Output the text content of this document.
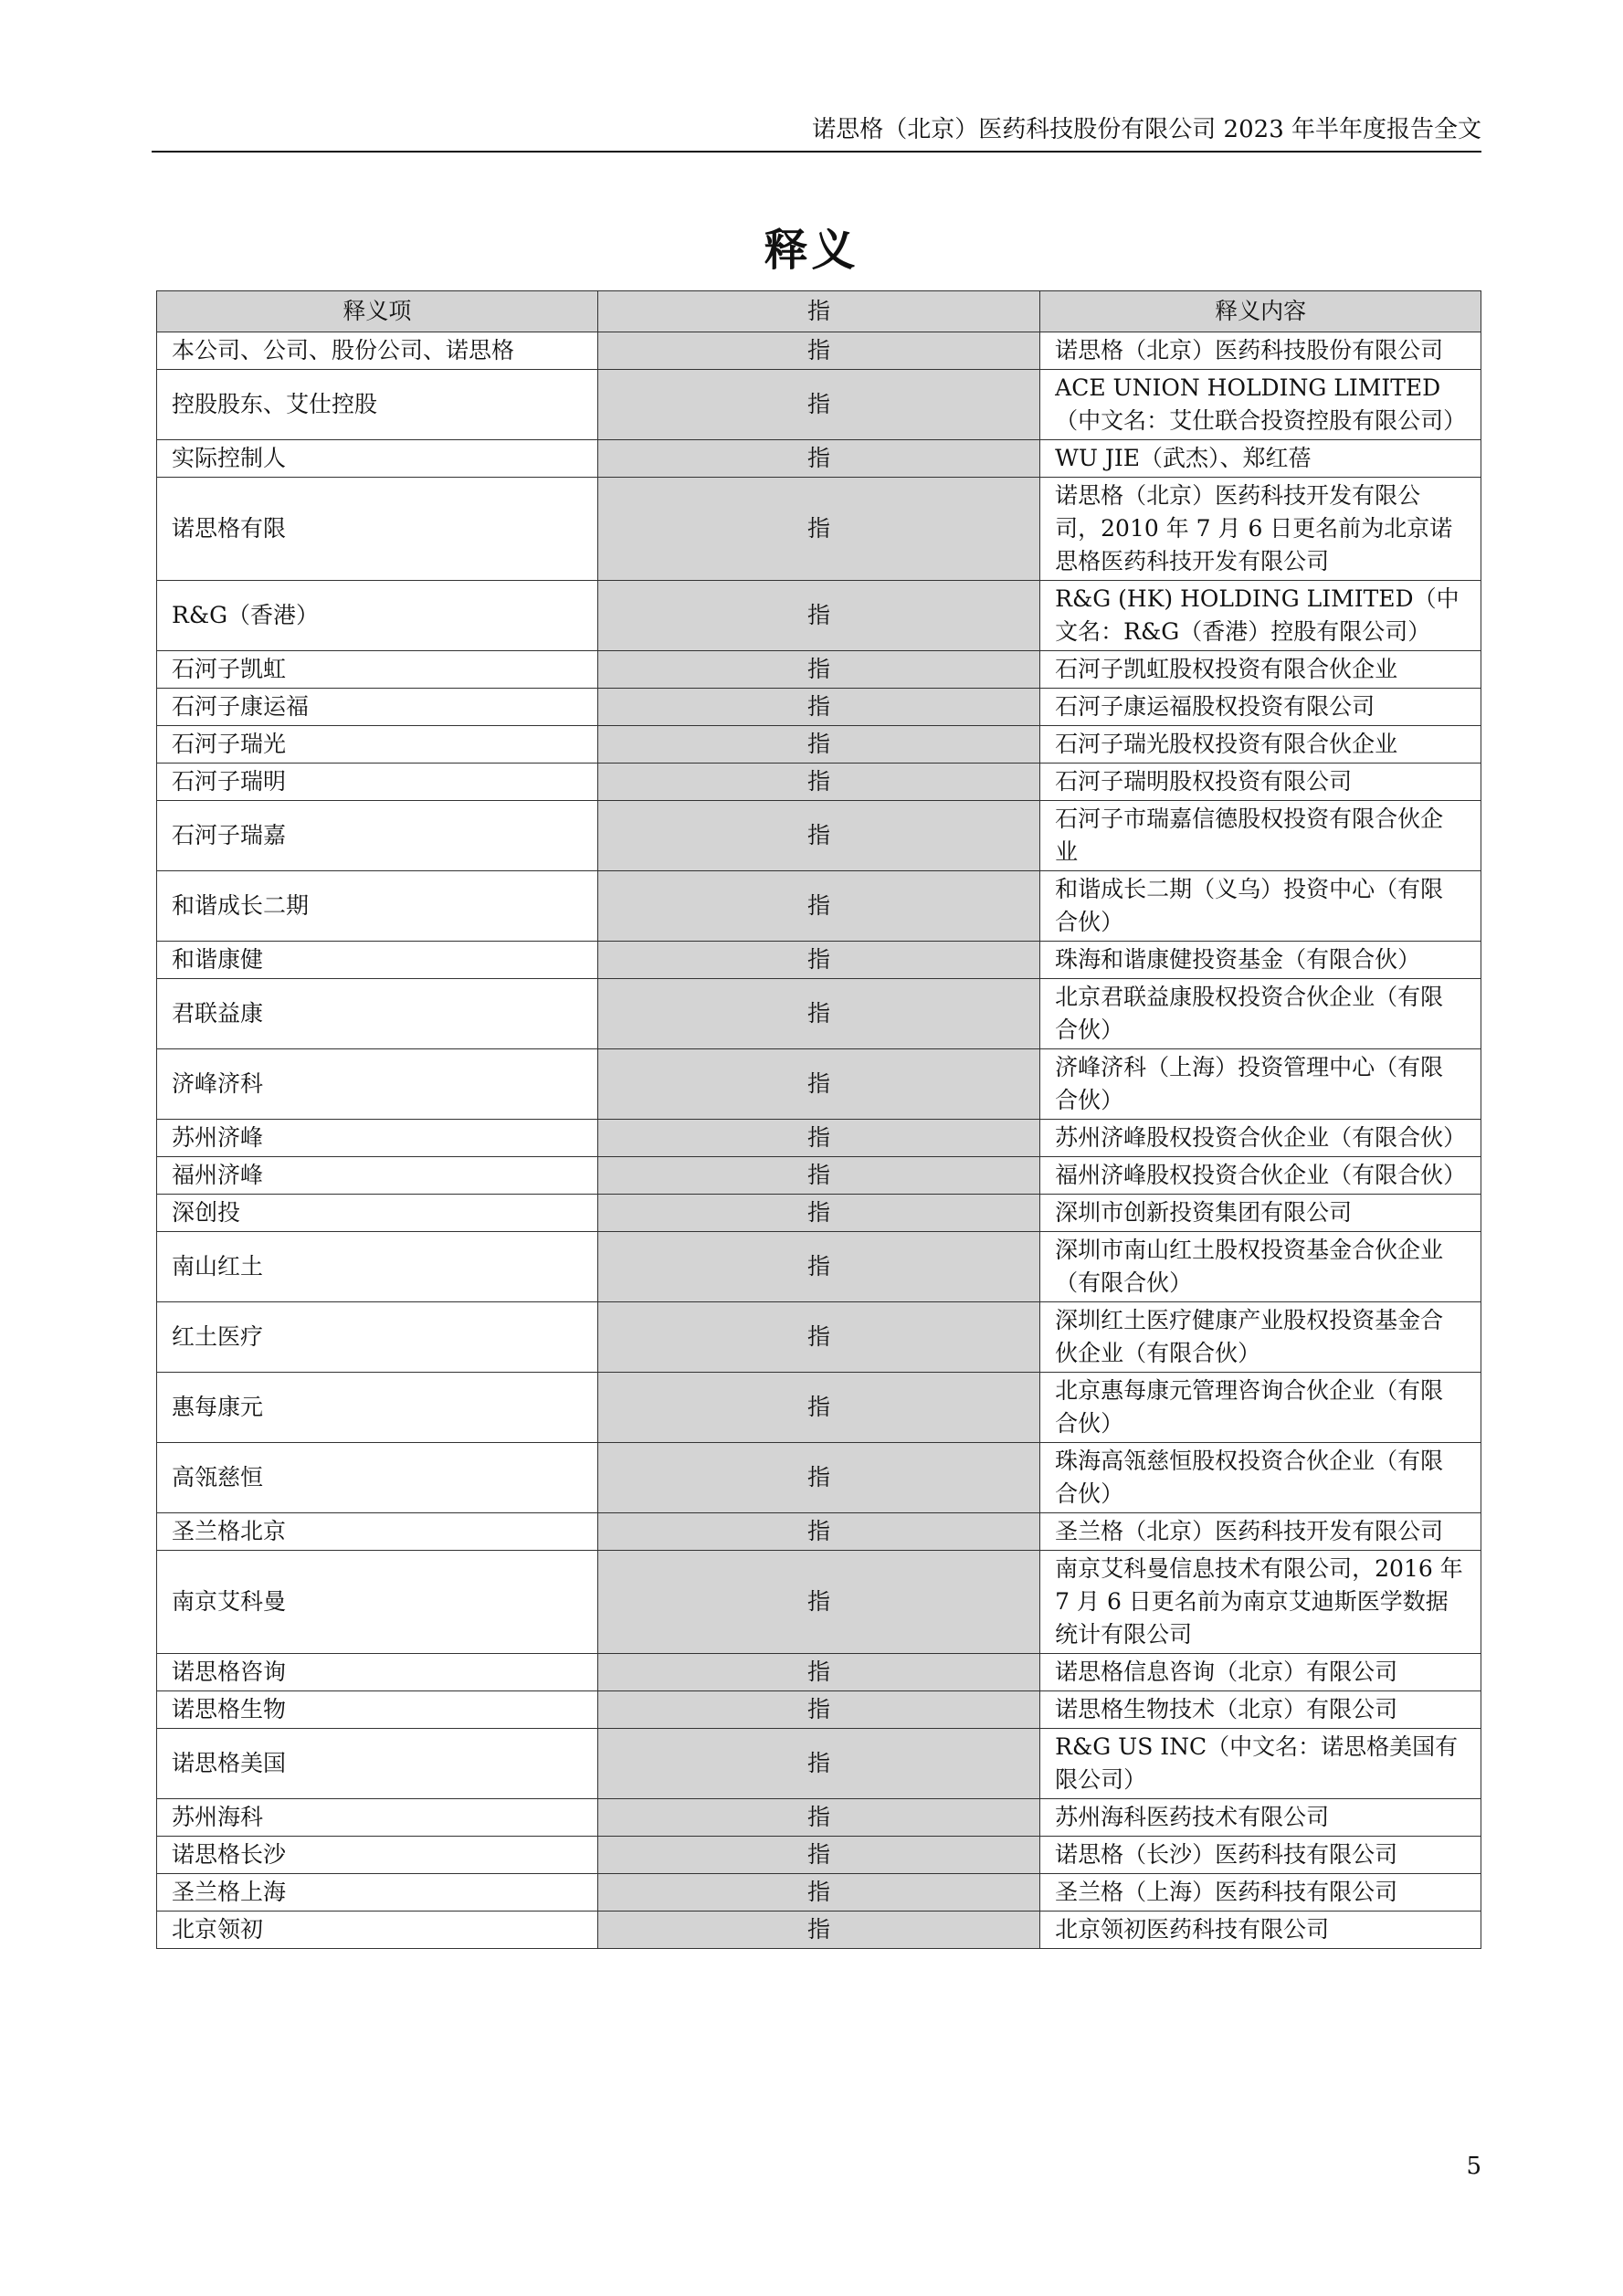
诺思格（北京）医药科技股份有限公司 2023 年半年度报告全文
释义
释义项	指	释义内容
本公司、公司、股份公司、诺思格	指	诺思格（北京）医药科技股份有限公司
控股股东、艾仕控股	指	ACE UNION HOLDING LIMITED（中文名：艾仕联合投资控股有限公司）
实际控制人	指	WU JIE（武杰）、郑红蓓
诺思格有限	指	诺思格（北京）医药科技开发有限公司，2010 年 7 月 6 日更名前为北京诺思格医药科技开发有限公司
R&G（香港）	指	R&G (HK) HOLDING LIMITED（中文名：R&G（香港）控股有限公司）
石河子凯虹	指	石河子凯虹股权投资有限合伙企业
石河子康运福	指	石河子康运福股权投资有限公司
石河子瑞光	指	石河子瑞光股权投资有限合伙企业
石河子瑞明	指	石河子瑞明股权投资有限公司
石河子瑞嘉	指	石河子市瑞嘉信德股权投资有限合伙企业
和谐成长二期	指	和谐成长二期（义乌）投资中心（有限合伙）
和谐康健	指	珠海和谐康健投资基金（有限合伙）
君联益康	指	北京君联益康股权投资合伙企业（有限合伙）
济峰济科	指	济峰济科（上海）投资管理中心（有限合伙）
苏州济峰	指	苏州济峰股权投资合伙企业（有限合伙）
福州济峰	指	福州济峰股权投资合伙企业（有限合伙）
深创投	指	深圳市创新投资集团有限公司
南山红土	指	深圳市南山红土股权投资基金合伙企业（有限合伙）
红土医疗	指	深圳红土医疗健康产业股权投资基金合伙企业（有限合伙）
惠每康元	指	北京惠每康元管理咨询合伙企业（有限合伙）
高瓴慈恒	指	珠海高瓴慈恒股权投资合伙企业（有限合伙）
圣兰格北京	指	圣兰格（北京）医药科技开发有限公司
南京艾科曼	指	南京艾科曼信息技术有限公司，2016 年 7 月 6 日更名前为南京艾迪斯医学数据统计有限公司
诺思格咨询	指	诺思格信息咨询（北京）有限公司
诺思格生物	指	诺思格生物技术（北京）有限公司
诺思格美国	指	R&G US INC（中文名：诺思格美国有限公司）
苏州海科	指	苏州海科医药技术有限公司
诺思格长沙	指	诺思格（长沙）医药科技有限公司
圣兰格上海	指	圣兰格（上海）医药科技有限公司
北京领初	指	北京领初医药科技有限公司
5
